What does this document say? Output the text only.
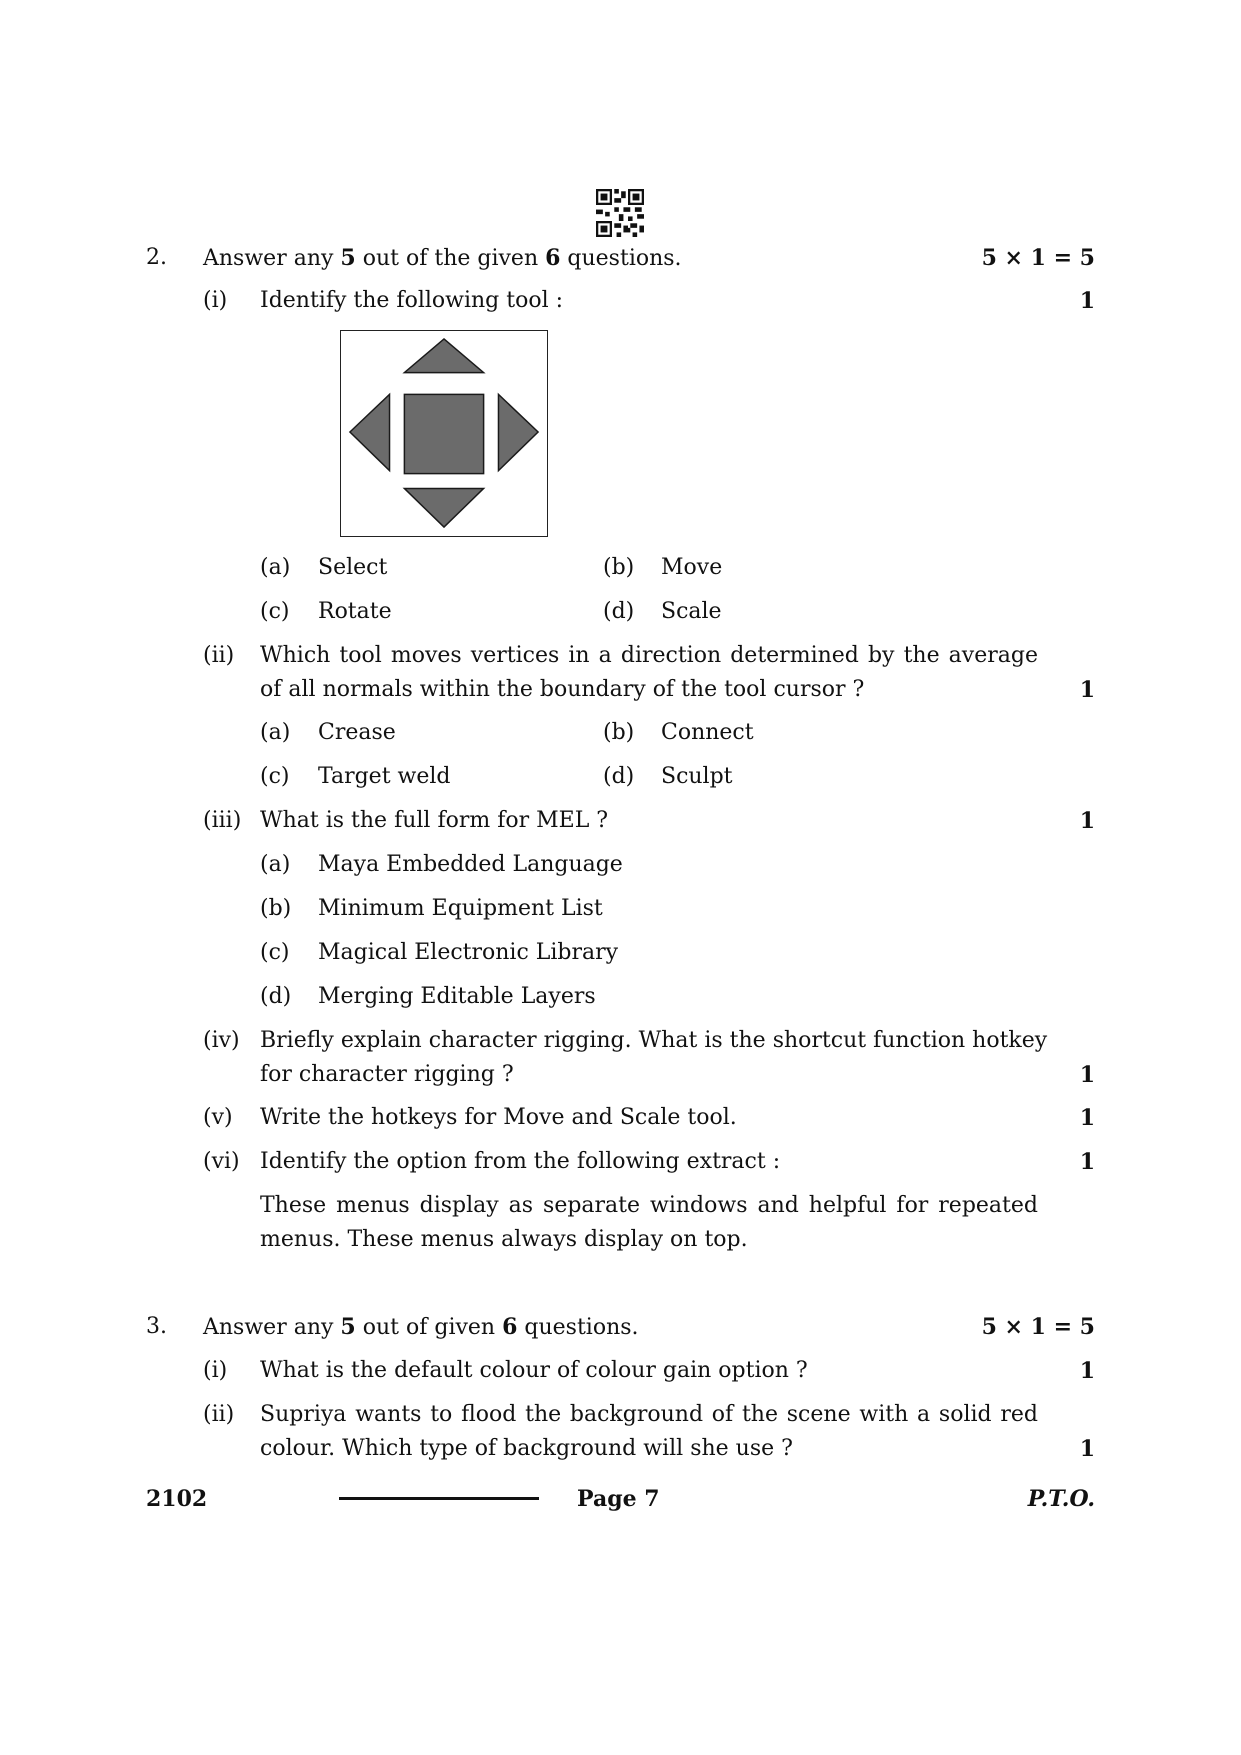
2. Answer any 5 out of the given 6 questions.	5 × 1 = 5
(i) Identify the following tool :	1
(a) Select	(b) Move
(c) Rotate	(d) Scale
(ii) Which tool moves vertices in a direction determined by the average
of all normals within the boundary of the tool cursor ?	1
(a) Crease	(b) Connect
(c) Target weld	(d) Sculpt
(iii) What is the full form for MEL ?	1
(a) Maya Embedded Language
(b) Minimum Equipment List
(c) Magical Electronic Library
(d) Merging Editable Layers
(iv) Briefly explain character rigging. What is the shortcut function hotkey
for character rigging ?	1
(v) Write the hotkeys for Move and Scale tool.	1
(vi) Identify the option from the following extract :	1
These menus display as separate windows and helpful for repeated
menus. These menus always display on top.
3. Answer any 5 out of given 6 questions.	5 × 1 = 5
(i) What is the default colour of colour gain option ?	1
(ii) Supriya wants to flood the background of the scene with a solid red
colour. Which type of background will she use ?	1
2102	Page 7	P.T.O.
